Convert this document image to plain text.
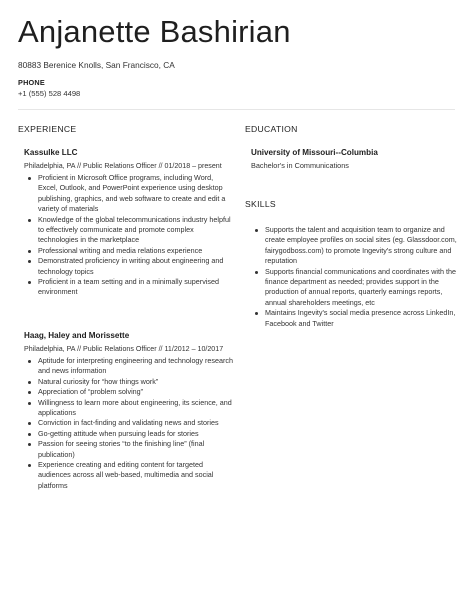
Anjanette Bashirian
80883 Berenice Knolls, San Francisco, CA
PHONE
+1 (555) 528 4498
EXPERIENCE	EDUCATION
SKILLS
Kassulke LLC
Philadelphia, PA // Public Relations Officer // 01/2018 – present
Proficient in Microsoft Office programs, including Word, Excel, Outlook, and PowerPoint experience using desktop publishing, graphics, and web software to create and edit a variety of materials
Knowledge of the global telecommunications industry helpful to effectively communicate and promote complex technologies in the marketplace
Professional writing and media relations experience
Demonstrated proficiency in writing about engineering and technology topics
Proficient in a team setting and in a minimally supervised environment
Haag, Haley and Morissette
Philadelphia, PA // Public Relations Officer // 11/2012 – 10/2017
Aptitude for interpreting engineering and technology research and news information
Natural curiosity for “how things work”
Appreciation of “problem solving”
Willingness to learn more about engineering, its science, and applications
Conviction in fact-finding and validating news and stories
Go-getting attitude when pursuing leads for stories
Passion for seeing stories “to the finishing line” (final publication)
Experience creating and editing content for targeted audiences across all web-based, multimedia and social platforms
University of Missouri--Columbia
Bachelor's in Communications
Supports the talent and acquisition team to organize and create employee profiles on social sites (eg. Glassdoor.com, fairygodboss.com) to promote Ingevity's strong culture and reputation
Supports financial communications and coordinates with the finance department as needed; provides support in the production of annual reports, quarterly earnings reports, annual shareholders meetings, etc
Maintains Ingevity's social media presence across LinkedIn, Facebook and Twitter
